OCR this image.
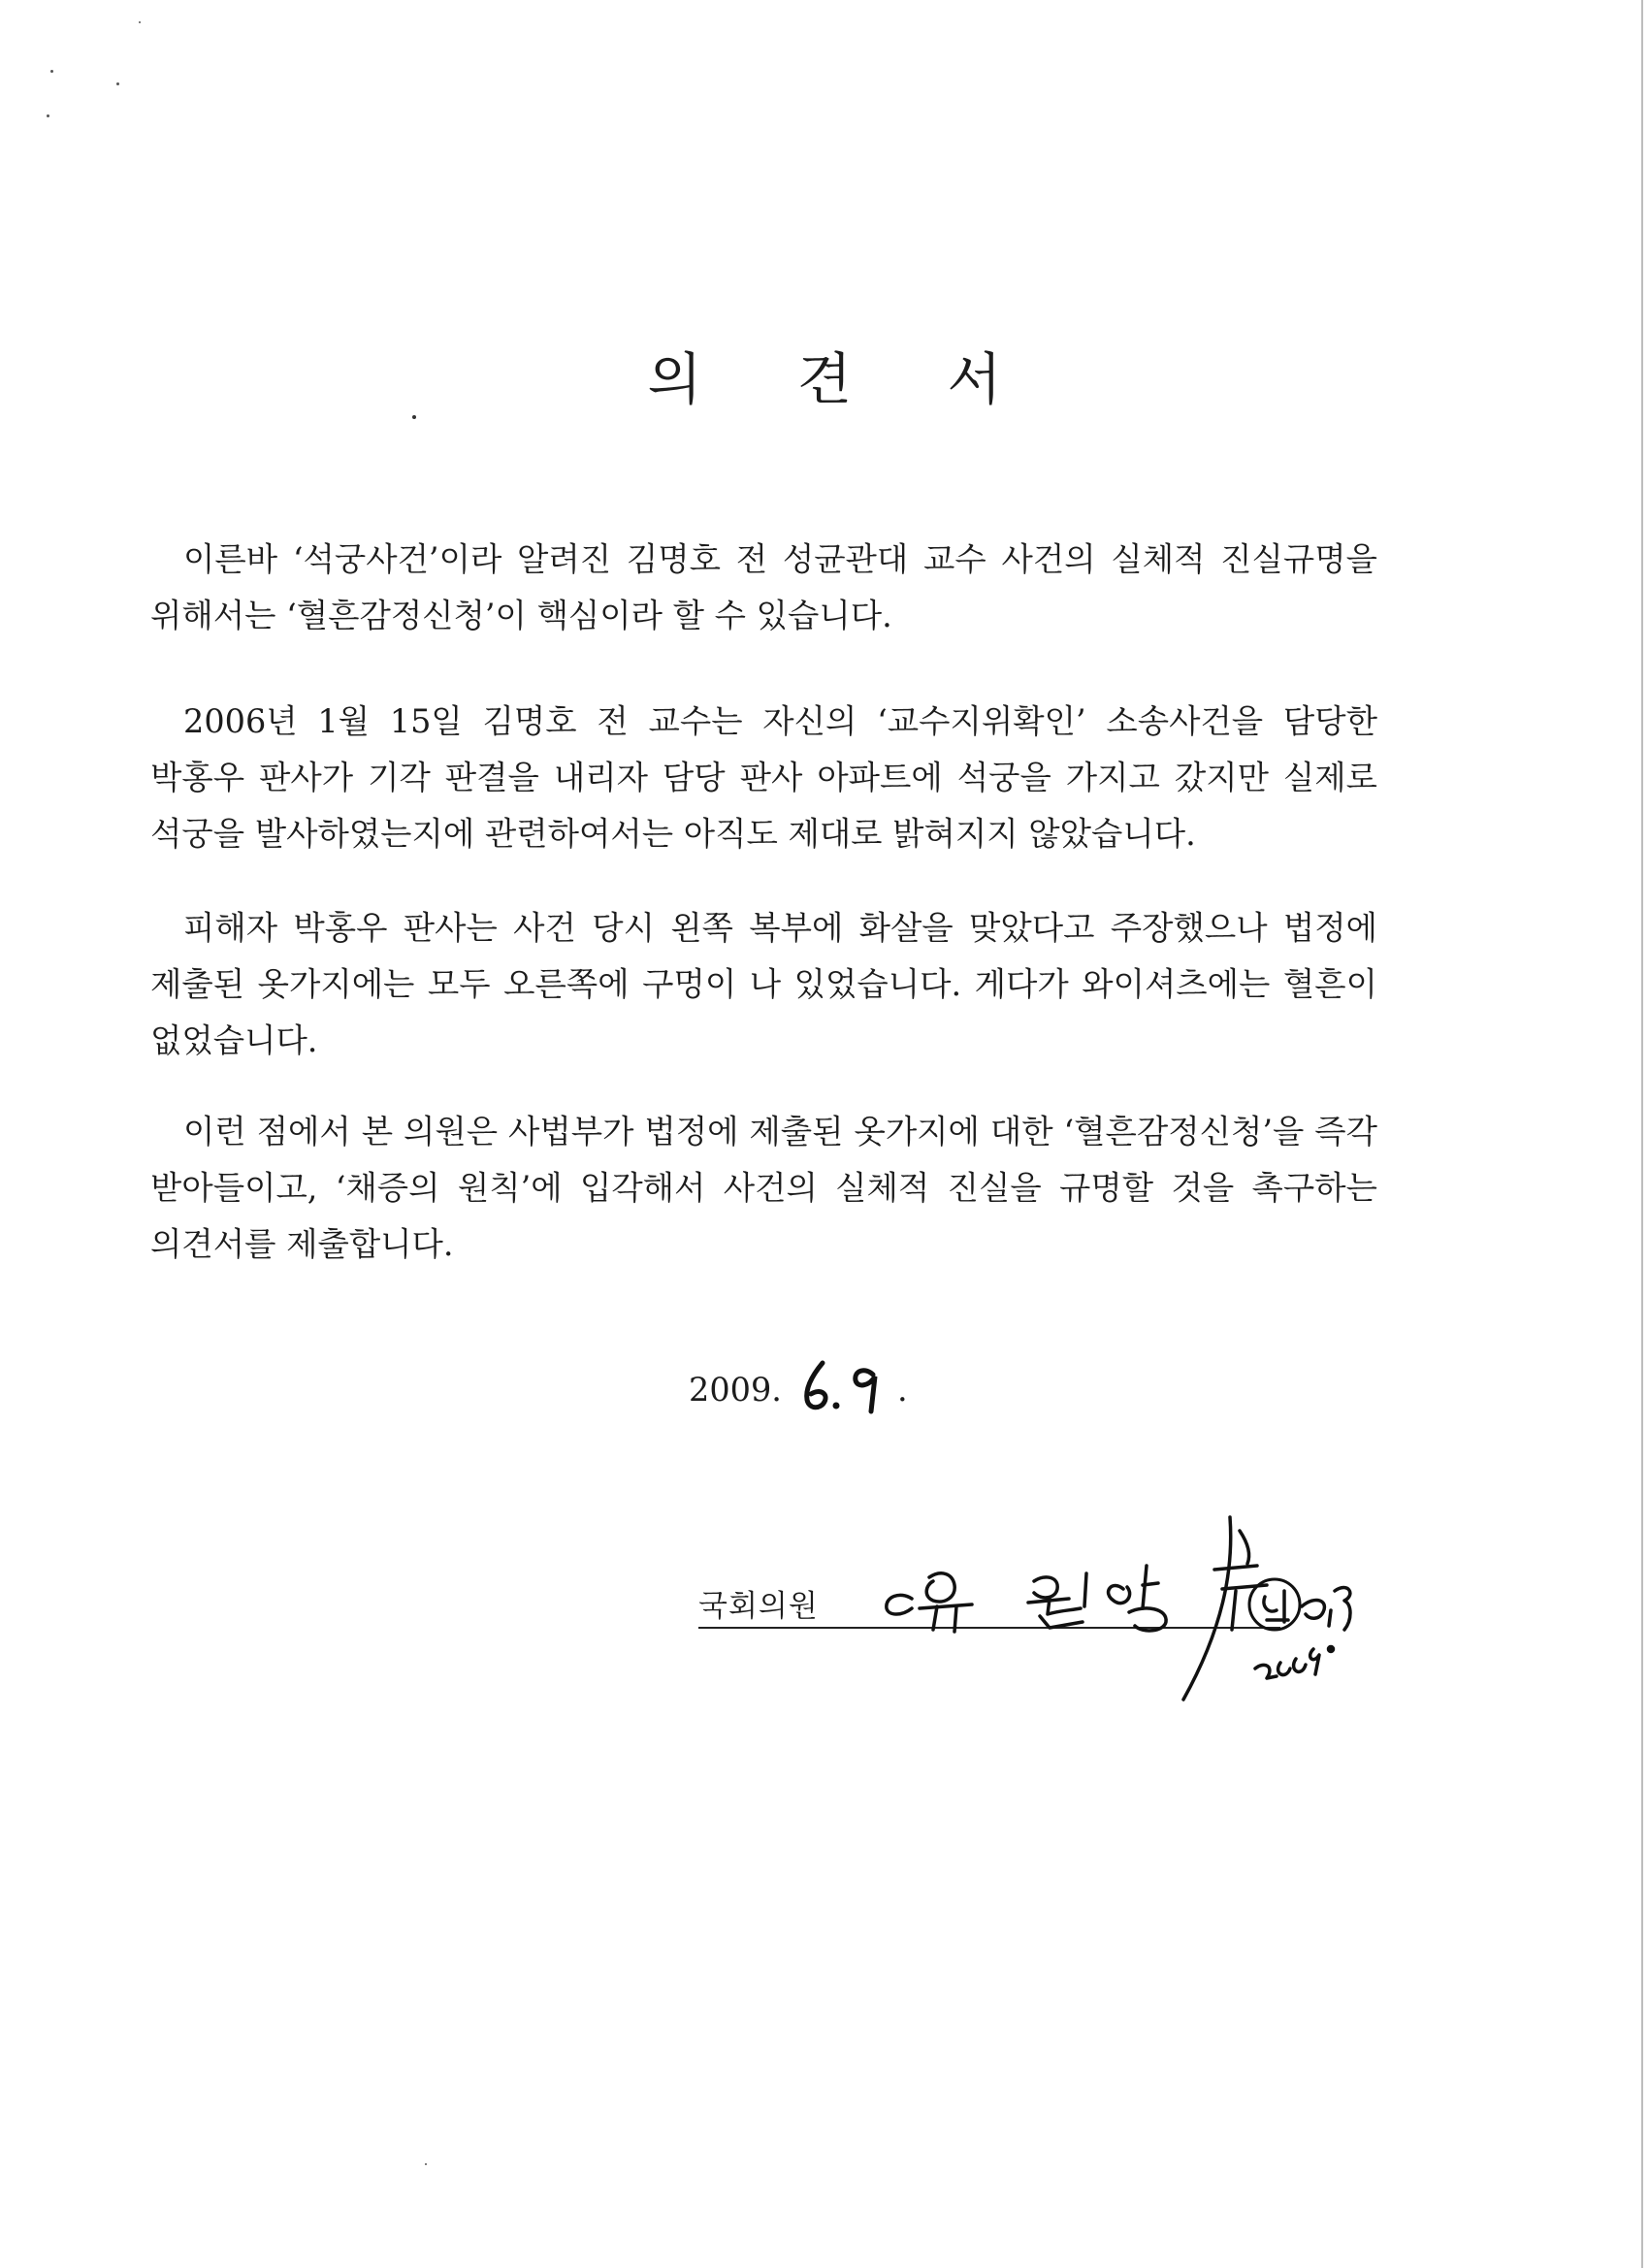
의 견 서

이른바 ‘석궁사건’이라 알려진 김명호 전 성균관대 교수 사건의 실체적 진실규명을 위해서는 ‘혈흔감정신청’이 핵심이라 할 수 있습니다.

2006년 1월 15일 김명호 전 교수는 자신의 ‘교수지위확인’ 소송사건을 담당한 박홍우 판사가 기각 판결을 내리자 담당 판사 아파트에 석궁을 가지고 갔지만 실제로 석궁을 발사하였는지에 관련하여서는 아직도 제대로 밝혀지지 않았습니다.

피해자 박홍우 판사는 사건 당시 왼쪽 복부에 화살을 맞았다고 주장했으나 법정에 제출된 옷가지에는 모두 오른쪽에 구멍이 나 있었습니다. 게다가 와이셔츠에는 혈흔이 없었습니다.

이런 점에서 본 의원은 사법부가 법정에 제출된 옷가지에 대한 ‘혈흔감정신청’을 즉각 받아들이고, ‘채증의 원칙’에 입각해서 사건의 실체적 진실을 규명할 것을 촉구하는 의견서를 제출합니다.

2009.	.
국회의원
